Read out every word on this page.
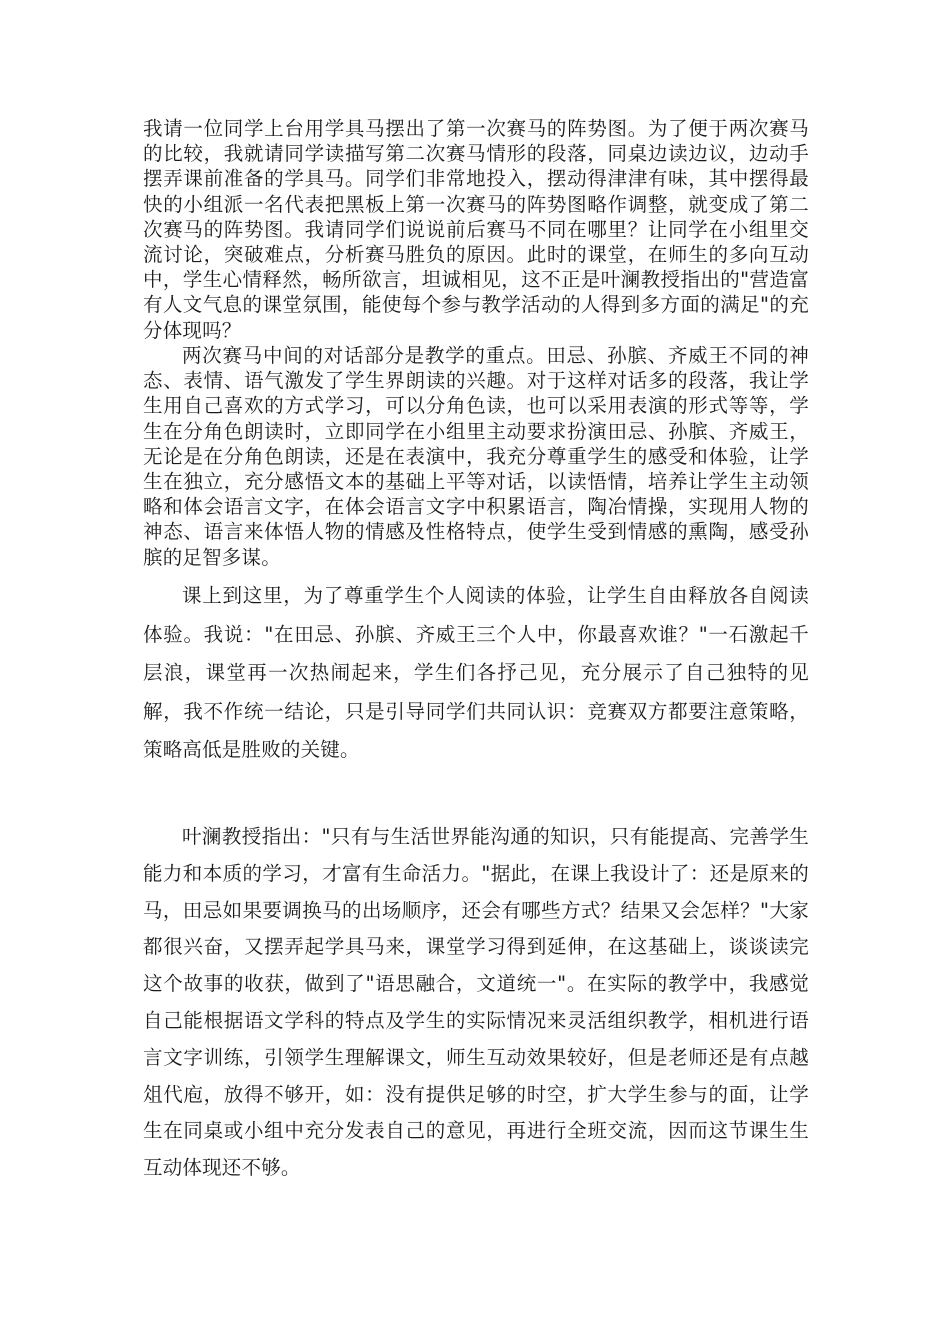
我请一位同学上台用学具马摆出了第一次赛马的阵势图。为了便于两次赛马的比较，我就请同学读描写第二次赛马情形的段落，同桌边读边议，边动手摆弄课前准备的学具马。同学们非常地投入，摆动得津津有味，其中摆得最快的小组派一名代表把黑板上第一次赛马的阵势图略作调整，就变成了第二次赛马的阵势图。我请同学们说说前后赛马不同在哪里？让同学在小组里交流讨论，突破难点，分析赛马胜负的原因。此时的课堂，在师生的多向互动中，学生心情释然，畅所欲言，坦诚相见，这不正是叶澜教授指出的"营造富有人文气息的课堂氛围，能使每个参与教学活动的人得到多方面的满足"的充分体现吗？

两次赛马中间的对话部分是教学的重点。田忌、孙膑、齐威王不同的神态、表情、语气激发了学生界朗读的兴趣。对于这样对话多的段落，我让学生用自己喜欢的方式学习，可以分角色读，也可以采用表演的形式等等，学生在分角色朗读时，立即同学在小组里主动要求扮演田忌、孙膑、齐威王，无论是在分角色朗读，还是在表演中，我充分尊重学生的感受和体验，让学生在独立，充分感悟文本的基础上平等对话，以读悟情，培养让学生主动领略和体会语言文字，在体会语言文字中积累语言，陶冶情操，实现用人物的神态、语言来体悟人物的情感及性格特点，使学生受到情感的熏陶，感受孙膑的足智多谋。

课上到这里，为了尊重学生个人阅读的体验，让学生自由释放各自阅读体验。我说："在田忌、孙膑、齐威王三个人中，你最喜欢谁？"一石激起千层浪，课堂再一次热闹起来，学生们各抒己见，充分展示了自己独特的见解，我不作统一结论，只是引导同学们共同认识：竞赛双方都要注意策略，策略高低是胜败的关键。

叶澜教授指出："只有与生活世界能沟通的知识，只有能提高、完善学生能力和本质的学习，才富有生命活力。"据此，在课上我设计了：还是原来的马，田忌如果要调换马的出场顺序，还会有哪些方式？结果又会怎样？"大家都很兴奋，又摆弄起学具马来，课堂学习得到延伸，在这基础上，谈谈读完这个故事的收获，做到了"语思融合，文道统一"。在实际的教学中，我感觉自己能根据语文学科的特点及学生的实际情况来灵活组织教学，相机进行语言文字训练，引领学生理解课文，师生互动效果较好，但是老师还是有点越俎代庖，放得不够开，如：没有提供足够的时空，扩大学生参与的面，让学生在同桌或小组中充分发表自己的意见，再进行全班交流，因而这节课生生互动体现还不够。
